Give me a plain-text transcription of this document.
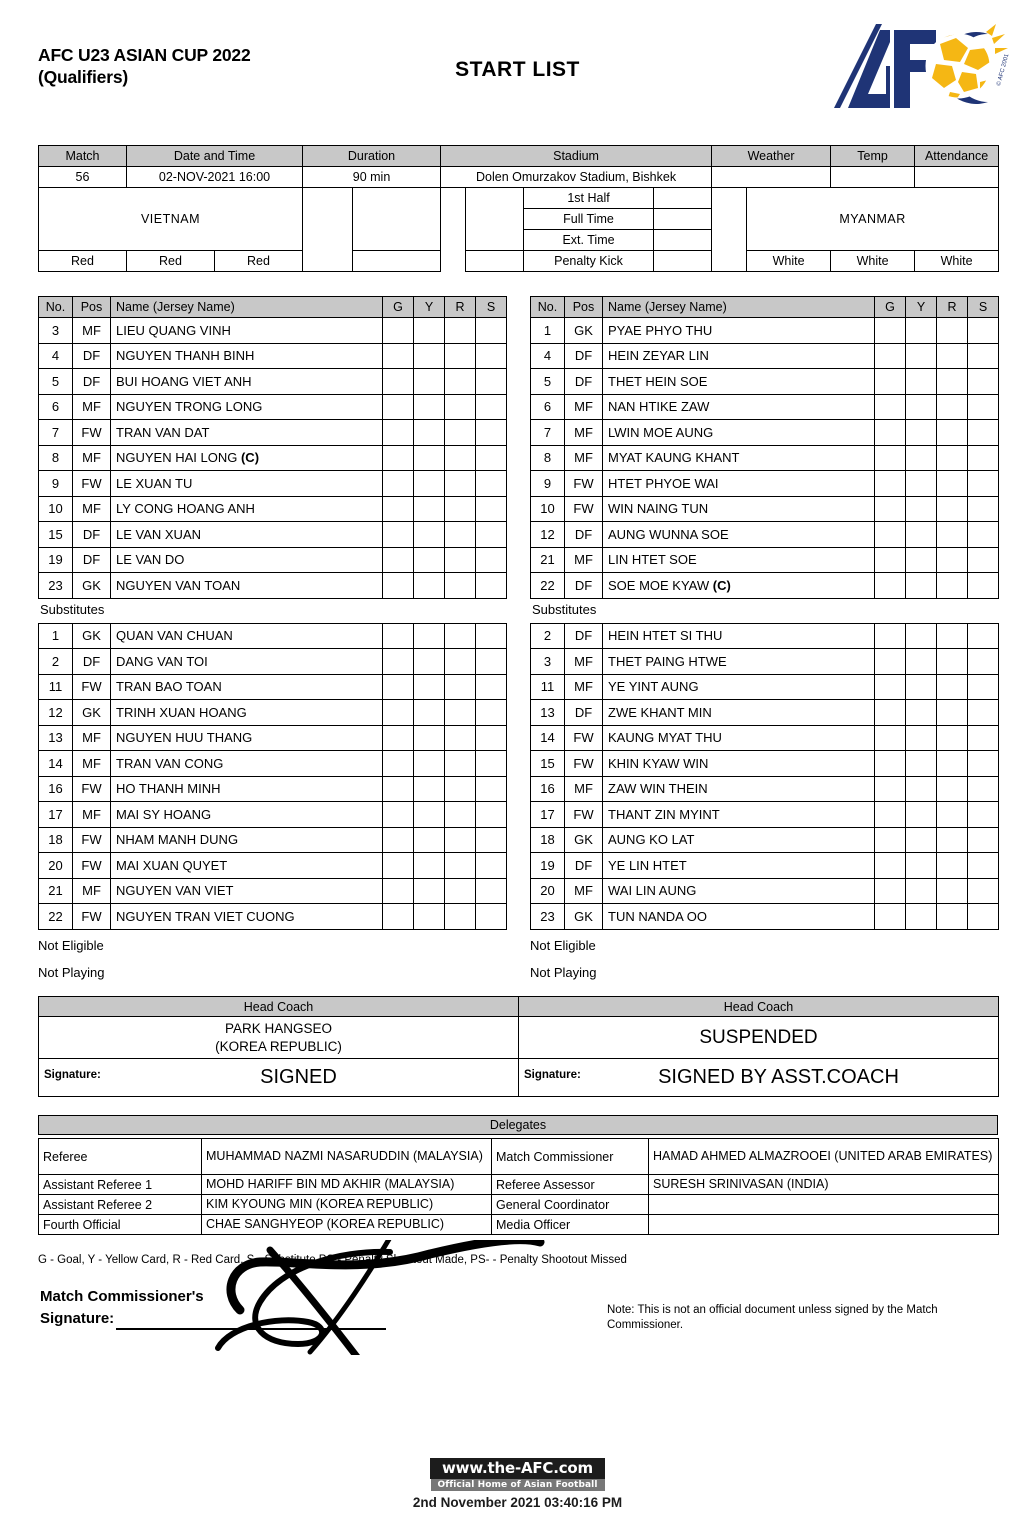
AFC U23 ASIAN CUP 2022
(Qualifiers)	START LIST	© AFC 2001
Match	Date and Time		Duration		Stadium				Weather		Temp	Attendance
56	02-NOV-2021 16:00		90 min		Dolen Omurzakov Stadium, Bishkek							
VIETNAM							1st Half			MYANMAR		
							Full Time					
							Ext. Time					
Red	Red	Red					Penalty Kick			White	White	White
No.	Pos	Name (Jersey Name)	G	Y	R	S
3	MF	LIEU QUANG VINH				
4	DF	NGUYEN THANH BINH				
5	DF	BUI HOANG VIET ANH				
6	MF	NGUYEN TRONG LONG				
7	FW	TRAN VAN DAT				
8	MF	NGUYEN HAI LONG (C)				
9	FW	LE XUAN TU				
10	MF	LY CONG HOANG ANH				
15	DF	LE VAN XUAN				
19	DF	LE VAN DO				
23	GK	NGUYEN VAN TOAN				
Substitutes
1	GK	QUAN VAN CHUAN				
2	DF	DANG VAN TOI				
11	FW	TRAN BAO TOAN				
12	GK	TRINH XUAN HOANG				
13	MF	NGUYEN HUU THANG				
14	MF	TRAN VAN CONG				
16	FW	HO THANH MINH				
17	MF	MAI SY HOANG				
18	FW	NHAM MANH DUNG				
20	FW	MAI XUAN QUYET				
21	MF	NGUYEN VAN VIET				
22	FW	NGUYEN TRAN VIET CUONG				
Not Eligible
Not Playing
No.	Pos	Name (Jersey Name)	G	Y	R	S
1	GK	PYAE PHYO THU				
4	DF	HEIN ZEYAR LIN				
5	DF	THET HEIN SOE				
6	MF	NAN HTIKE ZAW				
7	MF	LWIN MOE AUNG				
8	MF	MYAT KAUNG KHANT				
9	FW	HTET PHYOE WAI				
10	FW	WIN NAING TUN				
12	DF	AUNG WUNNA SOE				
21	MF	LIN HTET SOE				
22	DF	SOE MOE KYAW (C)				
Substitutes
2	DF	HEIN HTET SI THU				
3	MF	THET PAING HTWE				
11	MF	YE YINT AUNG				
13	DF	ZWE KHANT MIN				
14	FW	KAUNG MYAT THU				
15	FW	KHIN KYAW WIN				
16	MF	ZAW WIN THEIN				
17	FW	THANT ZIN MYINT				
18	GK	AUNG KO LAT				
19	DF	YE LIN HTET				
20	MF	WAI LIN AUNG				
23	GK	TUN NANDA OO				
Not Eligible
Not Playing
Head Coach	Head Coach

PARK HANGSEO
(KOREA REPUBLIC)	SUSPENDED

Signature: SIGNED	Signature: SIGNED BY ASST.COACH
Delegates
Referee	MUHAMMAD NAZMI NASARUDDIN (MALAYSIA)	Match Commissioner	HAMAD AHMED ALMAZROOEI (UNITED ARAB EMIRATES)
Assistant Referee 1	MOHD HARIFF BIN MD AKHIR (MALAYSIA)	Referee Assessor	SURESH SRINIVASAN (INDIA)
Assistant Referee 2	KIM KYOUNG MIN (KOREA REPUBLIC)	General Coordinator	
Fourth Official	CHAE SANGHYEOP (KOREA REPUBLIC)	Media Officer	
G - Goal, Y - Yellow Card, R - Red Card, S - Substitute PS - Penalty Shootout Made, PS- - Penalty Shootout Missed
Match Commissioner's
Signature:	Note: This is not an official document unless signed by the Match Commissioner.
www.the-AFC.com
Official Home of Asian Football
2nd November 2021 03:40:16 PM
